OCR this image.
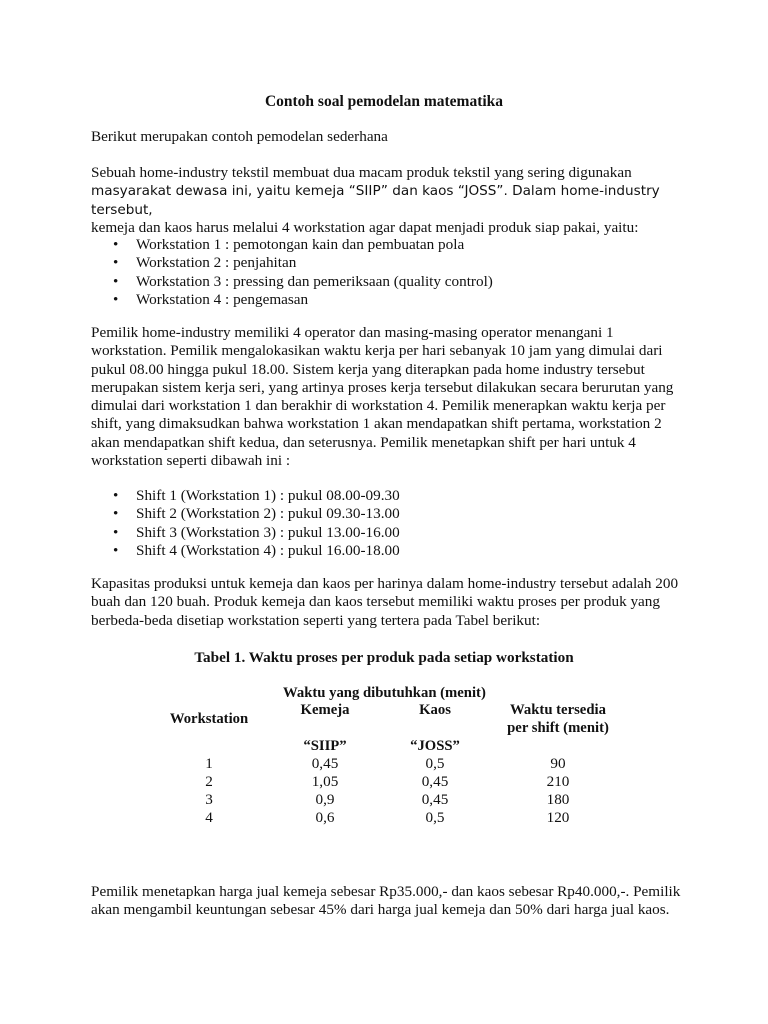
Contoh soal pemodelan matematika

Berikut merupakan contoh pemodelan sederhana

Sebuah home-industry tekstil membuat dua macam produk tekstil yang sering digunakan
masyarakat dewasa ini, yaitu kemeja “SIIP” dan kaos “JOSS”. Dalam home-industry tersebut,
kemeja dan kaos harus melalui 4 workstation agar dapat menjadi produk siap pakai, yaitu:

• Workstation 1 : pemotongan kain dan pembuatan pola
• Workstation 2 : penjahitan
• Workstation 3 : pressing dan pemeriksaan (quality control)
• Workstation 4 : pengemasan

Pemilik home-industry memiliki 4 operator dan masing-masing operator menangani 1
workstation. Pemilik mengalokasikan waktu kerja per hari sebanyak 10 jam yang dimulai dari
pukul 08.00 hingga pukul 18.00. Sistem kerja yang diterapkan pada home industry tersebut
merupakan sistem kerja seri, yang artinya proses kerja tersebut dilakukan secara berurutan yang
dimulai dari workstation 1 dan berakhir di workstation 4. Pemilik menerapkan waktu kerja per
shift, yang dimaksudkan bahwa workstation 1 akan mendapatkan shift pertama, workstation 2
akan mendapatkan shift kedua, dan seterusnya. Pemilik menetapkan shift per hari untuk 4
workstation seperti dibawah ini :

• Shift 1 (Workstation 1) : pukul 08.00-09.30
• Shift 2 (Workstation 2) : pukul 09.30-13.00
• Shift 3 (Workstation 3) : pukul 13.00-16.00
• Shift 4 (Workstation 4) : pukul 16.00-18.00

Kapasitas produksi untuk kemeja dan kaos per harinya dalam home-industry tersebut adalah 200
buah dan 120 buah. Produk kemeja dan kaos tersebut memiliki waktu proses per produk yang
berbeda-beda disetiap workstation seperti yang tertera pada Tabel berikut:

Tabel 1. Waktu proses per produk pada setiap workstation
Waktu yang dibutuhkan (menit)
Workstation
Kemeja	Kaos	Waktu tersedia
per shift (menit)
“SIIP”	“JOSS”
1	0,45	0,5	90
2	1,05	0,45	210
3	0,9	0,45	180
4	0,6	0,5	120

Pemilik menetapkan harga jual kemeja sebesar Rp35.000,- dan kaos sebesar Rp40.000,-. Pemilik
akan mengambil keuntungan sebesar 45% dari harga jual kemeja dan 50% dari harga jual kaos.
